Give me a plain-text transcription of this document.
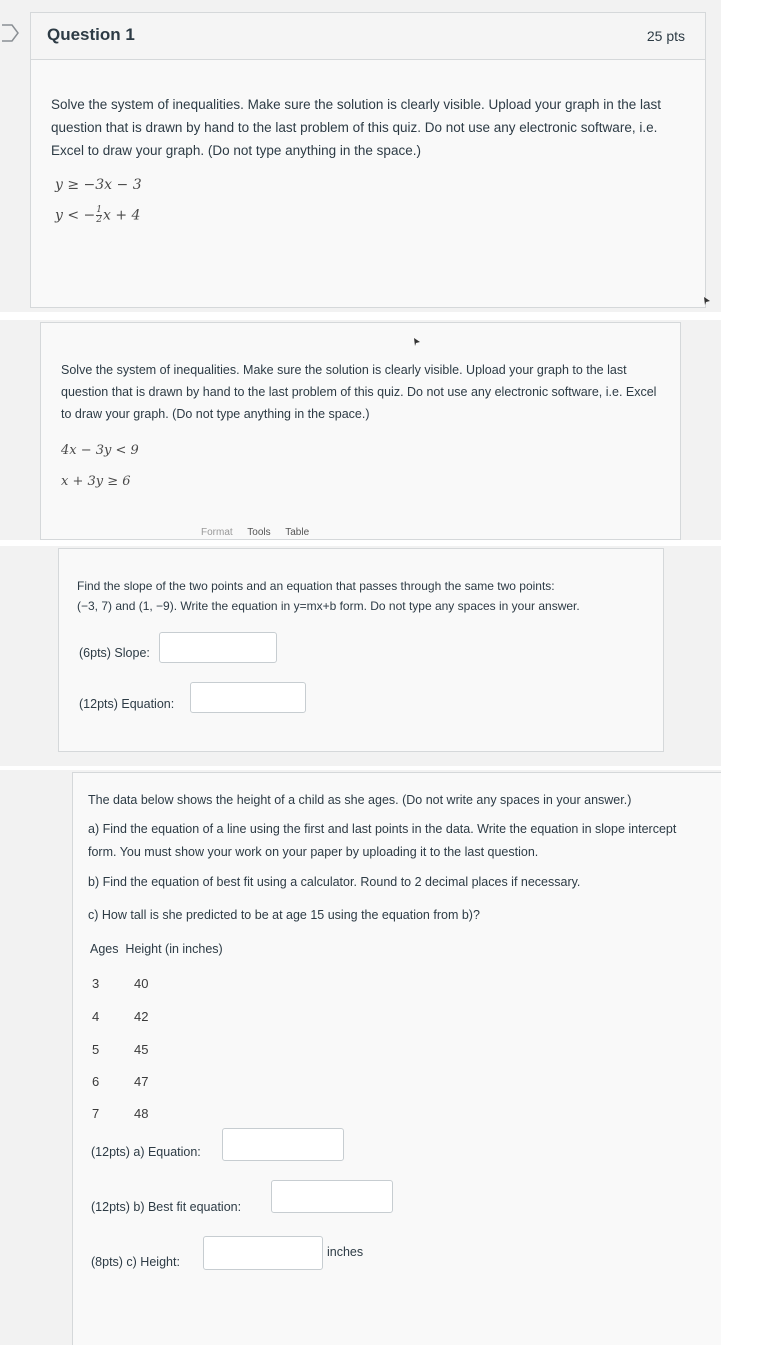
Question 1	25 pts
Solve the system of inequalities. Make sure the solution is clearly visible. Upload your graph in the last question that is drawn by hand to the last problem of this quiz. Do not use any electronic software, i.e. Excel to draw your graph. (Do not type anything in the space.)
y ≥ −3x − 3
y < − $\frac{1}{2}$ x + 4
Solve the system of inequalities. Make sure the solution is clearly visible. Upload your graph to the last question that is drawn by hand to the last problem of this quiz. Do not use any electronic software, i.e. Excel to draw your graph. (Do not type anything in the space.)
4x − 3y < 9
x + 3y ≥ 6
Format Tools Table
Find the slope of the two points and an equation that passes through the same two points:
(−3, 7) and (1, −9). Write the equation in y=mx+b form. Do not type any spaces in your answer.
(6pts) Slope:
(12pts) Equation:
The data below shows the height of a child as she ages. (Do not write any spaces in your answer.)
a) Find the equation of a line using the first and last points in the data. Write the equation in slope intercept form. You must show your work on your paper by uploading it to the last question.
b) Find the equation of best fit using a calculator. Round to 2 decimal places if necessary.
c) How tall is she predicted to be at age 15 using the equation from b)?
Ages  Height (in inches)
3	40
4	42
5	45
6	47
7	48
(12pts) a) Equation:
(12pts) b) Best fit equation:
(8pts) c) Height:
inches
